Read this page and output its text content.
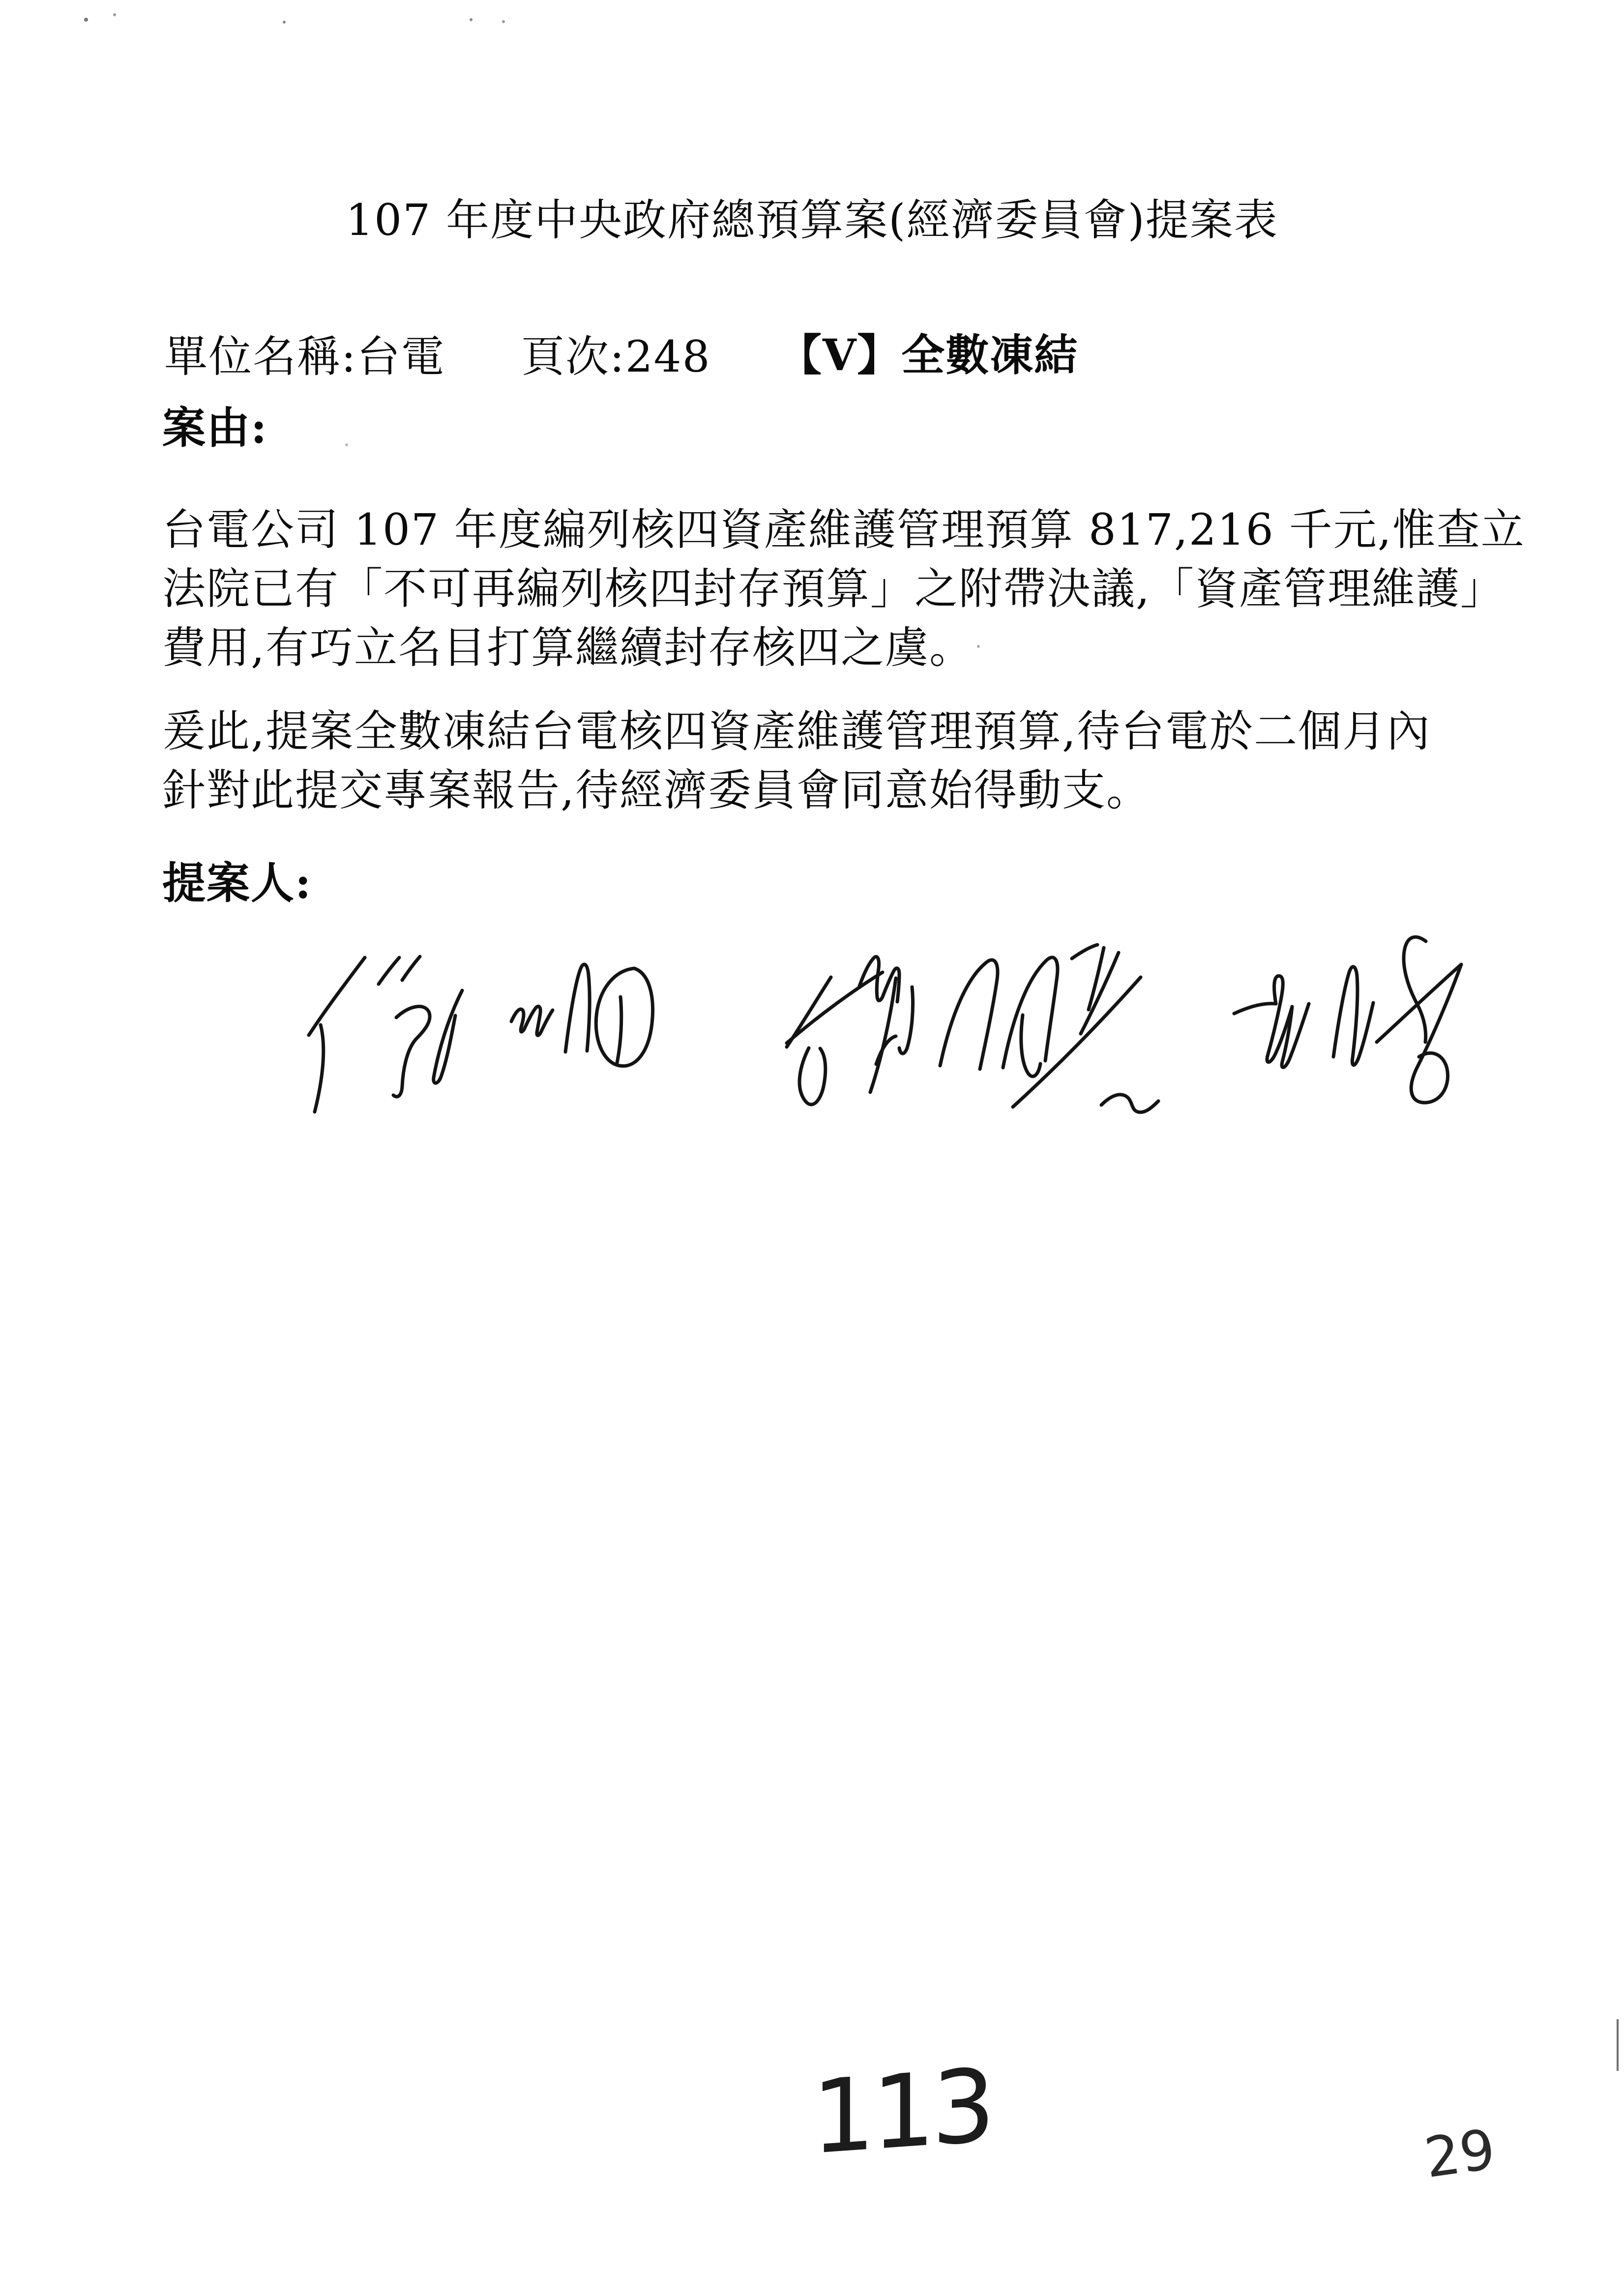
107 年度中央政府總預算案(經濟委員會)提案表
單位名稱:台電 頁次:248 【V】全數凍結
案由:
台電公司 107 年度編列核四資產維護管理預算 817,216 千元,惟查立
法院已有「不可再編列核四封存預算」之附帶決議,「資產管理維護」
費用,有巧立名目打算繼續封存核四之虞。
爰此,提案全數凍結台電核四資產維護管理預算,待台電於二個月內
針對此提交專案報告,待經濟委員會同意始得動支。
提案人:
113	29
